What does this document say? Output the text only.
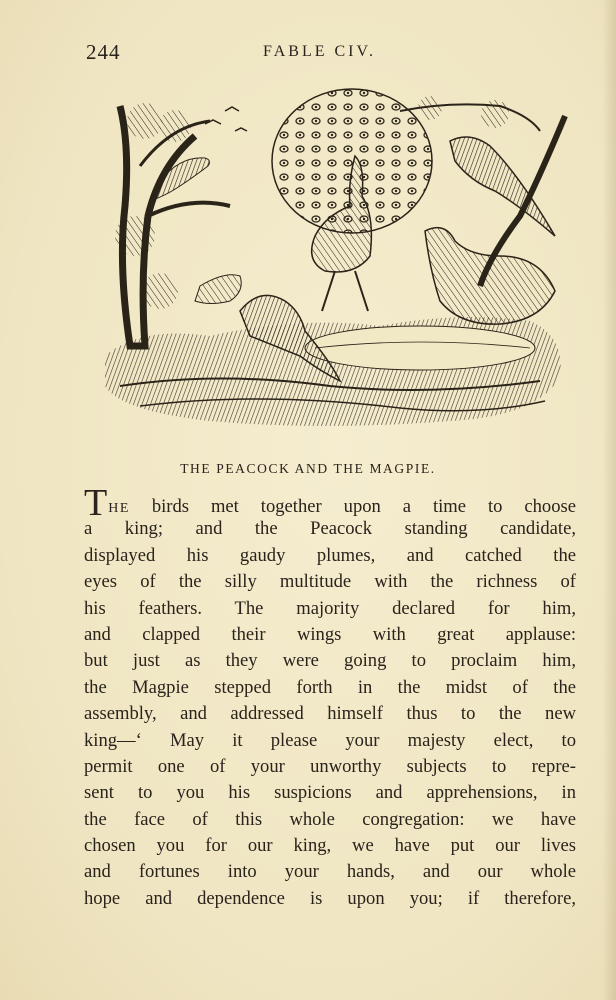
244	FABLE CIV.
THE PEACOCK AND THE MAGPIE.
THE birds met together upon a time to choose
a king; and the Peacock standing candidate,
displayed his gaudy plumes, and catched the
eyes of the silly multitude with the richness of
his feathers. The majority declared for him,
and clapped their wings with great applause:
but just as they were going to proclaim him,
the Magpie stepped forth in the midst of the
assembly, and addressed himself thus to the new
king—‘ May it please your majesty elect, to
permit one of your unworthy subjects to repre-
sent to you his suspicions and apprehensions, in
the face of this whole congregation: we have
chosen you for our king, we have put our lives
and fortunes into your hands, and our whole
hope and dependence is upon you; if therefore,
